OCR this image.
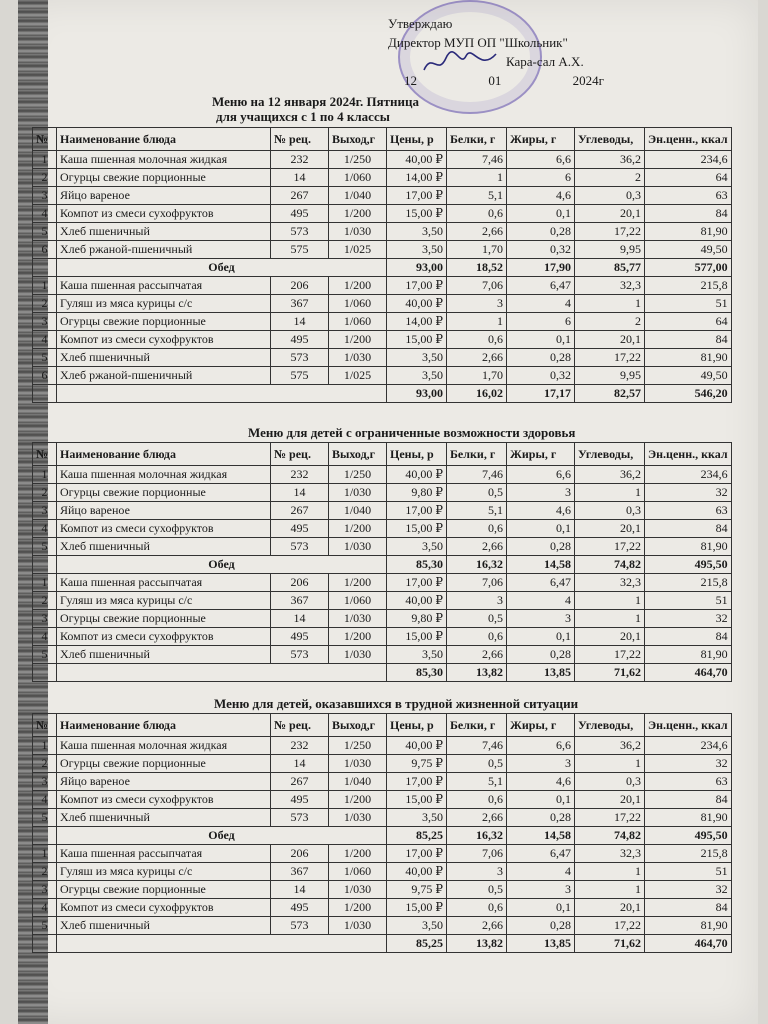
Утверждаю
Директор МУП ОП "Школьник"
Кара-сал А.Х.
12	01	2024г
Меню на 12 января 2024г. Пятница
для учащихся с 1 по 4 классы
№	Наименование блюда	№ рец.	Выход,г	Цены, р	Белки, г	Жиры, г	Углеводы,	Эн.ценн., ккал
1	Каша пшенная молочная жидкая	232	1/250	40,00 ₽	7,46	6,6	36,2	234,6
2	Огурцы свежие порционные	14	1/060	14,00 ₽	1	6	2	64
3	Яйцо вареное	267	1/040	17,00 ₽	5,1	4,6	0,3	63
4	Компот из смеси сухофруктов	495	1/200	15,00 ₽	0,6	0,1	20,1	84
5	Хлеб пшеничный	573	1/030	3,50	2,66	0,28	17,22	81,90
6	Хлеб ржаной-пшеничный	575	1/025	3,50	1,70	0,32	9,95	49,50
	Обед			93,00	18,52	17,90	85,77	577,00
1	Каша пшенная рассыпчатая	206	1/200	17,00 ₽	7,06	6,47	32,3	215,8
2	Гуляш из мяса курицы с/с	367	1/060	40,00 ₽	3	4	1	51
3	Огурцы свежие порционные	14	1/060	14,00 ₽	1	6	2	64
4	Компот из смеси сухофруктов	495	1/200	15,00 ₽	0,6	0,1	20,1	84
5	Хлеб пшеничный	573	1/030	3,50	2,66	0,28	17,22	81,90
6	Хлеб ржаной-пшеничный	575	1/025	3,50	1,70	0,32	9,95	49,50
				93,00	16,02	17,17	82,57	546,20
Меню для детей с ограниченные возможности здоровья
№	Наименование блюда	№ рец.	Выход,г	Цены, р	Белки, г	Жиры, г	Углеводы,	Эн.ценн., ккал
1	Каша пшенная молочная жидкая	232	1/250	40,00 ₽	7,46	6,6	36,2	234,6
2	Огурцы свежие порционные	14	1/030	9,80 ₽	0,5	3	1	32
3	Яйцо вареное	267	1/040	17,00 ₽	5,1	4,6	0,3	63
4	Компот из смеси сухофруктов	495	1/200	15,00 ₽	0,6	0,1	20,1	84
5	Хлеб пшеничный	573	1/030	3,50	2,66	0,28	17,22	81,90
	Обед			85,30	16,32	14,58	74,82	495,50
1	Каша пшенная рассыпчатая	206	1/200	17,00 ₽	7,06	6,47	32,3	215,8
2	Гуляш из мяса курицы с/с	367	1/060	40,00 ₽	3	4	1	51
3	Огурцы свежие порционные	14	1/030	9,80 ₽	0,5	3	1	32
4	Компот из смеси сухофруктов	495	1/200	15,00 ₽	0,6	0,1	20,1	84
5	Хлеб пшеничный	573	1/030	3,50	2,66	0,28	17,22	81,90
				85,30	13,82	13,85	71,62	464,70
Меню для детей, оказавшихся в трудной жизненной ситуации
№	Наименование блюда	№ рец.	Выход,г	Цены, р	Белки, г	Жиры, г	Углеводы,	Эн.ценн., ккал
1	Каша пшенная молочная жидкая	232	1/250	40,00 ₽	7,46	6,6	36,2	234,6
2	Огурцы свежие порционные	14	1/030	9,75 ₽	0,5	3	1	32
3	Яйцо вареное	267	1/040	17,00 ₽	5,1	4,6	0,3	63
4	Компот из смеси сухофруктов	495	1/200	15,00 ₽	0,6	0,1	20,1	84
5	Хлеб пшеничный	573	1/030	3,50	2,66	0,28	17,22	81,90
	Обед			85,25	16,32	14,58	74,82	495,50
1	Каша пшенная рассыпчатая	206	1/200	17,00 ₽	7,06	6,47	32,3	215,8
2	Гуляш из мяса курицы с/с	367	1/060	40,00 ₽	3	4	1	51
3	Огурцы свежие порционные	14	1/030	9,75 ₽	0,5	3	1	32
4	Компот из смеси сухофруктов	495	1/200	15,00 ₽	0,6	0,1	20,1	84
5	Хлеб пшеничный	573	1/030	3,50	2,66	0,28	17,22	81,90
				85,25	13,82	13,85	71,62	464,70
